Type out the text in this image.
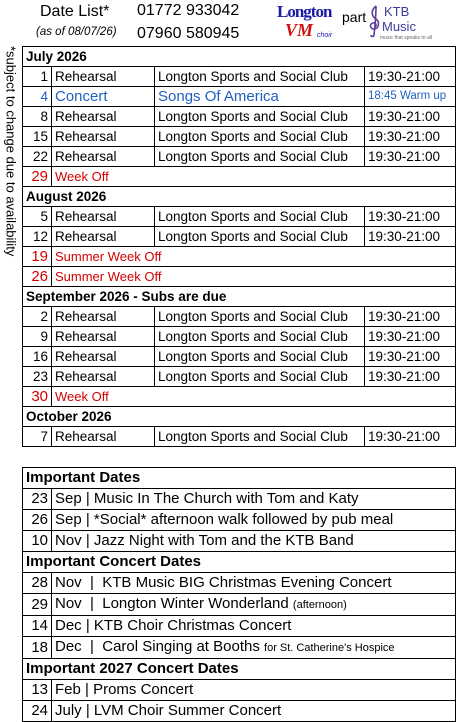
Date List*
(as of 08/07/26)
01772 933042
07960 580945
Longton
VM choir
part KTB
Music
music that speaks to all
*subject to change due to availability July 2026			
1	Rehearsal	Longton Sports and Social Club	19:30-21:00
4	Concert	Songs Of America	18:45 Warm up
8	Rehearsal	Longton Sports and Social Club	19:30-21:00
15	Rehearsal	Longton Sports and Social Club	19:30-21:00
22	Rehearsal	Longton Sports and Social Club	19:30-21:00
29	Week Off		
August 2026			
5	Rehearsal	Longton Sports and Social Club	19:30-21:00
12	Rehearsal	Longton Sports and Social Club	19:30-21:00
19	Summer Week Off		
26	Summer Week Off		
September 2026 - Subs are due			
2	Rehearsal	Longton Sports and Social Club	19:30-21:00
9	Rehearsal	Longton Sports and Social Club	19:30-21:00
16	Rehearsal	Longton Sports and Social Club	19:30-21:00
23	Rehearsal	Longton Sports and Social Club	19:30-21:00
30	Week Off		
October 2026			
7	Rehearsal	Longton Sports and Social Club	19:30-21:00
Important Dates	
23	Sep | Music In The Church with Tom and Katy
26	Sep | *Social* afternoon walk followed by pub meal
10	Nov | Jazz Night with Tom and the KTB Band
Important Concert Dates	
28	Nov  |  KTB Music BIG Christmas Evening Concert
29	Nov  |  Longton Winter Wonderland (afternoon)
14	Dec | KTB Choir Christmas Concert
18	Dec  |  Carol Singing at Booths for St. Catherine's Hospice
Important 2027 Concert Dates	
13	Feb | Proms Concert
24	July | LVM Choir Summer Concert
